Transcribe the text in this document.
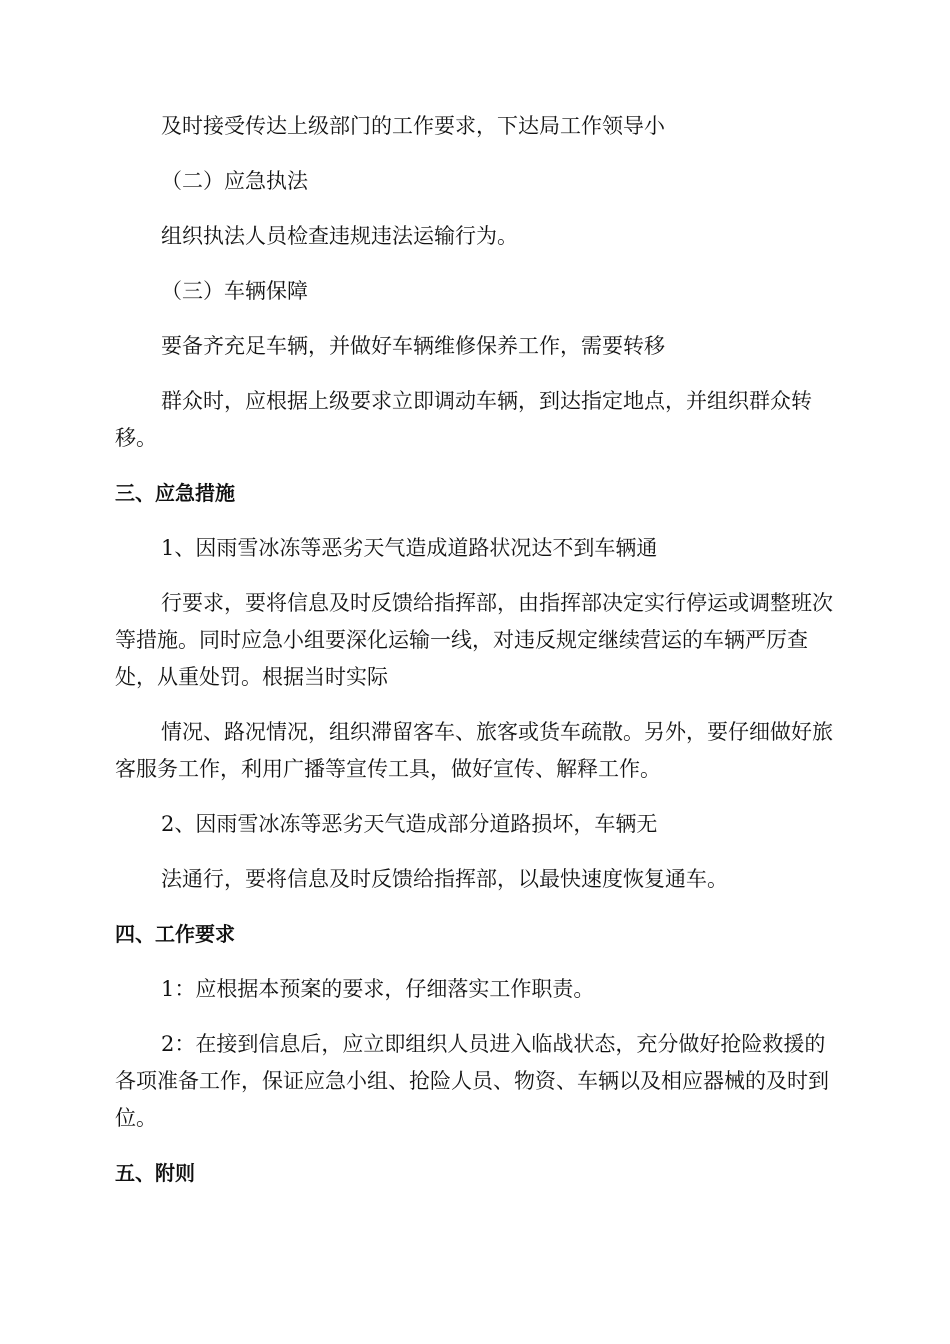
及时接受传达上级部门的工作要求，下达局工作领导小

（二）应急执法

组织执法人员检查违规违法运输行为。

（三）车辆保障

要备齐充足车辆，并做好车辆维修保养工作，需要转移

群众时，应根据上级要求立即调动车辆，到达指定地点，并组织群众转移。

三、应急措施

1、因雨雪冰冻等恶劣天气造成道路状况达不到车辆通

行要求，要将信息及时反馈给指挥部，由指挥部决定实行停运或调整班次等措施。同时应急小组要深化运输一线，对违反规定继续营运的车辆严厉查处，从重处罚。根据当时实际

情况、路况情况，组织滞留客车、旅客或货车疏散。另外，要仔细做好旅客服务工作，利用广播等宣传工具，做好宣传、解释工作。

2、因雨雪冰冻等恶劣天气造成部分道路损坏，车辆无

法通行，要将信息及时反馈给指挥部，以最快速度恢复通车。

四、工作要求

1：应根据本预案的要求，仔细落实工作职责。

2：在接到信息后，应立即组织人员进入临战状态，充分做好抢险救援的各项准备工作，保证应急小组、抢险人员、物资、车辆以及相应器械的及时到位。

五、附则
